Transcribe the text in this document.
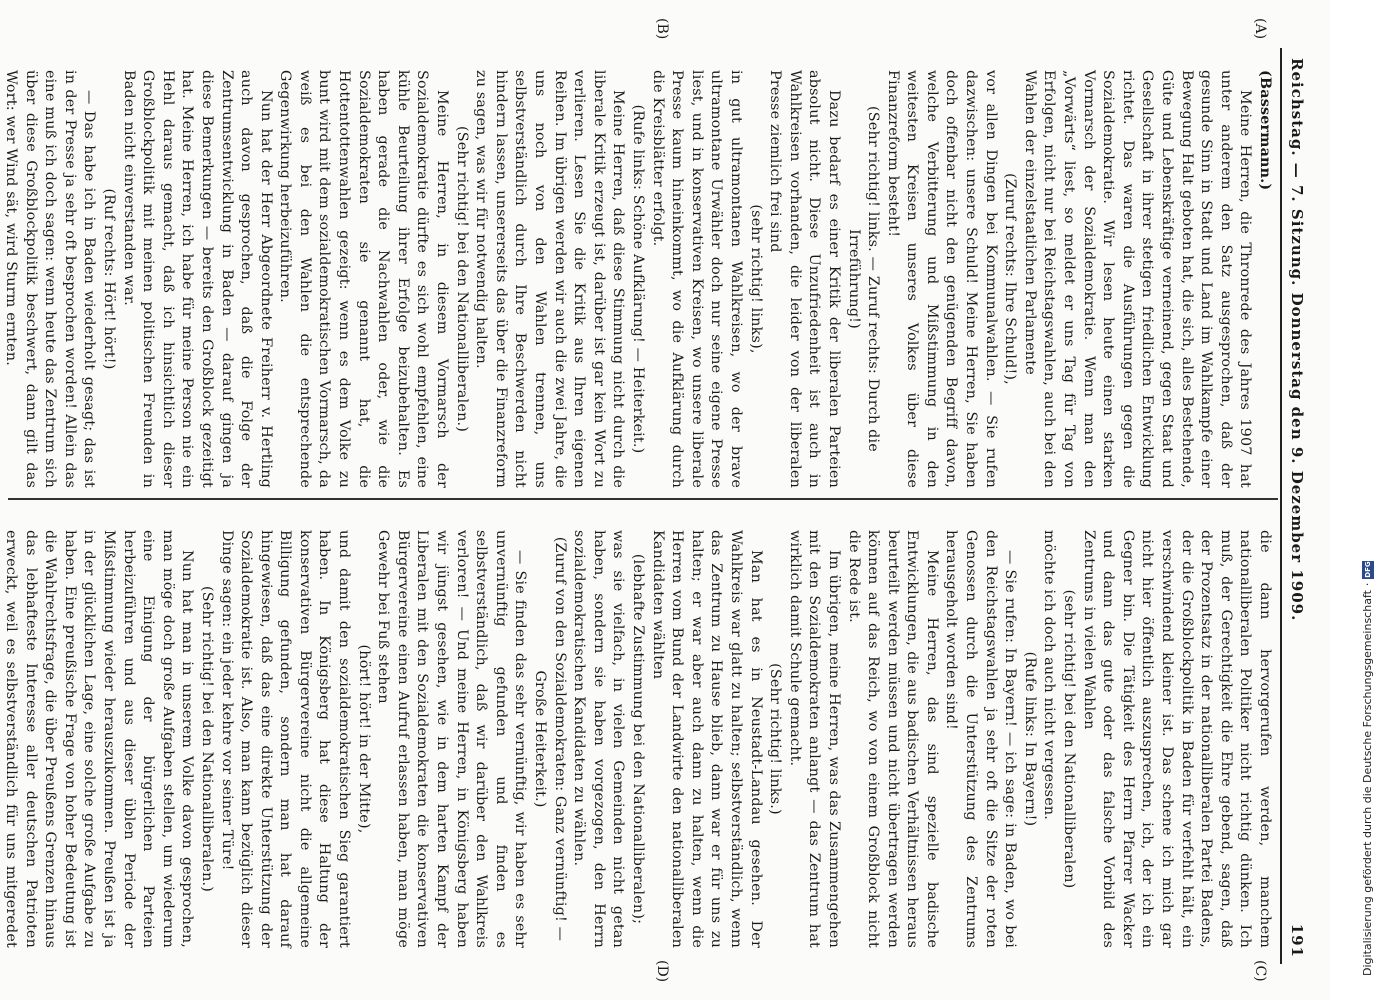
Reichstag. — 7. Sitzung. Donnerstag den 9. Dezember 1909.
191
(A)
(B)
(C)
(D)

(Bassermann.)

Meine Herren, die Thronrede des Jahres 1907 hat unter anderem den Satz ausgesprochen, daß der gesunde Sinn in Stadt und Land im Wahlkampfe einer Bewegung Halt geboten hat, die sich, alles Bestehende, Güte und Lebenskräftige verneinend, gegen Staat und Gesellschaft in ihrer stetigen friedlichen Entwicklung richtet. Das waren die Ausführungen gegen die Sozialdemokratie. Wir lesen heute einen starken Vormarsch der Sozialdemokratie. Wenn man den „Vorwärts“ liest, so meldet er uns Tag für Tag von Erfolgen, nicht nur bei Reichstagswahlen, auch bei den Wahlen der einzelstaatlichen Parlamente

(Zuruf rechts: Ihre Schuld!),

vor allen Dingen bei Kommunalwahlen. — Sie rufen dazwischen: unsere Schuld! Meine Herren, Sie haben doch offenbar nicht den genügenden Begriff davon, welche Verbitterung und Mißstimmung in den weitesten Kreisen unseres Volkes über diese Finanzreform besteht!

(Sehr richtig! links. — Zuruf rechts: Durch die Irreführung!)

Dazu bedarf es einer Kritik der liberalen Parteien absolut nicht. Diese Unzufriedenheit ist auch in Wahlkreisen vorhanden, die leider von der liberalen Presse ziemlich frei sind

(sehr richtig! links),

in gut ultramontanen Wahlkreisen, wo der brave ultramontane Urwähler doch nur seine eigene Presse liest, und in konservativen Kreisen, wo unsere liberale Presse kaum hineinkommt, wo die Aufklärung durch die Kreisblätter erfolgt.

(Rufe links: Schöne Aufklärung! — Heiterkeit.)

Meine Herren, daß diese Stimmung nicht durch die liberale Kritik erzeugt ist, darüber ist gar kein Wort zu verlieren. Lesen Sie die Kritik aus Ihren eigenen Reihen. Im übrigen werden wir auch die zwei Jahre, die uns noch von den Wahlen trennen, uns selbstverständlich durch Ihre Beschwerden nicht hindern lassen, unsererseits das über die Finanzreform zu sagen, was wir für notwendig halten.

(Sehr richtig! bei den Nationalliberalen.)

Meine Herren, in diesem Vormarsch der Sozialdemokratie dürfte es sich wohl empfehlen, eine kühle Beurteilung ihrer Erfolge beizubehalten. Es haben gerade die Nachwahlen oder, wie die Sozialdemokraten sie genannt hat, die Hottentottenwahlen gezeigt: wenn es dem Volke zu bunt wird mit dem sozialdemokratischen Vormarsch, da weiß es bei den Wahlen die entsprechende Gegenwirkung herbeizuführen.

Nun hat der Herr Abgeordnete Freiherr v. Hertling auch davon gesprochen, daß die Folge der Zentrumsentwicklung in Baden — darauf gingen ja diese Bemerkungen — bereits den Großblock gezeitigt hat. Meine Herren, ich habe für meine Person nie ein Hehl daraus gemacht, daß ich hinsichtlich dieser Großblockpolitik mit meinen politischen Freunden in Baden nicht einverstanden war.

(Ruf rechts: Hört! hört!)

— Das habe ich in Baden wiederholt gesagt; das ist in der Presse ja sehr oft besprochen worden! Allein das eine muß ich doch sagen: wenn heute das Zentrum sich über diese Großblockpolitik beschwert, dann gilt das Wort: wer Wind sät, wird Sturm ernten.

die dann hervorgerufen werden, manchem nationalliberalen Politiker nicht richtig dünken. Ich muß, der Gerechtigkeit die Ehre gebend, sagen, daß der Prozentsatz in der nationalliberalen Partei Badens, der die Großblockpolitik in Baden für verfehlt hält, ein verschwindend kleiner ist. Das schene ich mich gar nicht hier öffentlich auszusprechen, ich, der ich ein Gegner bin. Die Tätigkeit des Herrn Pfarrer Wacker und dann das gute oder das falsche Vorbild des Zentrums in vielen Wahlen

(sehr richtig! bei den Nationalliberalen)

möchte ich doch auch nicht vergessen.

(Rufe links: In Bayern!)

— Sie rufen: In Bayern! — ich sage: in Baden, wo bei den Reichstagswahlen ja sehr oft die Sitze der roten Genossen durch die Unterstützung des Zentrums herausgeholt worden sind!

Meine Herren, das sind spezielle badische Entwicklungen, die aus badischen Verhältnissen heraus beurteilt werden müssen und nicht übertragen werden können auf das Reich, wo von einem Großblock nicht die Rede ist.

Im übrigen, meine Herren, was das Zusammengehen mit den Sozialdemokraten anlangt — das Zentrum hat wirklich damit Schule gemacht.

(Sehr richtig! links.)

Man hat es in Neustadt-Landau gesehen. Der Wahlkreis war glatt zu halten; selbstverständlich, wenn das Zentrum zu Hause blieb, dann war er für uns zu halten; er war aber auch dann zu halten, wenn die Herren vom Bund der Landwirte den nationalliberalen Kandidaten wählten

(lebhafte Zustimmung bei den Nationalliberalen);

was sie vielfach, in vielen Gemeinden nicht getan haben, sondern sie haben vorgezogen, den Herrn sozialdemokratischen Kandidaten zu wählen.

(Zuruf von den Sozialdemokraten: Ganz vernünftig! — Große Heiterkeit.)

— Sie finden das sehr vernünftig, wir haben es sehr unvernünftig gefunden und finden es selbstverständlich, daß wir darüber den Wahlkreis verloren! — Und meine Herren, in Königsberg haben wir jüngst gesehen, wie in dem harten Kampf der Liberalen mit den Sozialdemokraten die konservativen Bürgervereine einen Aufruf erlassen haben, man möge Gewehr bei Fuß stehen

(hört! hört! in der Mitte),

und damit den sozialdemokratischen Sieg garantiert haben. In Königsberg hat diese Haltung der konservativen Bürgervereine nicht die allgemeine Billigung gefunden, sondern man hat darauf hingewiesen, daß das eine direkte Unterstützung der Sozialdemokratie ist. Also, man kann bezüglich dieser Dinge sagen: ein jeder kehre vor seiner Türe!

(Sehr richtig! bei den Nationalliberalen.)

Nun hat man in unserem Volke davon gesprochen, man möge doch große Aufgaben stellen, um wiederum eine Einigung der bürgerlichen Parteien herbeizuführen und aus dieser üblen Periode der Mißstimmung wieder herauszukommen. Preußen ist ja in der glücklichen Lage, eine solche große Aufgabe zu haben. Eine preußische Frage von hoher Bedeutung ist die Wahlrechtsfrage, die über Preußens Grenzen hinaus das lebhafteste Interesse aller deutschen Patrioten erweckt, weil es selbstverständlich für uns mitgeredet	Digitalisierung gefördert durch die Deutsche Forschungsgemeinschaft
·
DFG
